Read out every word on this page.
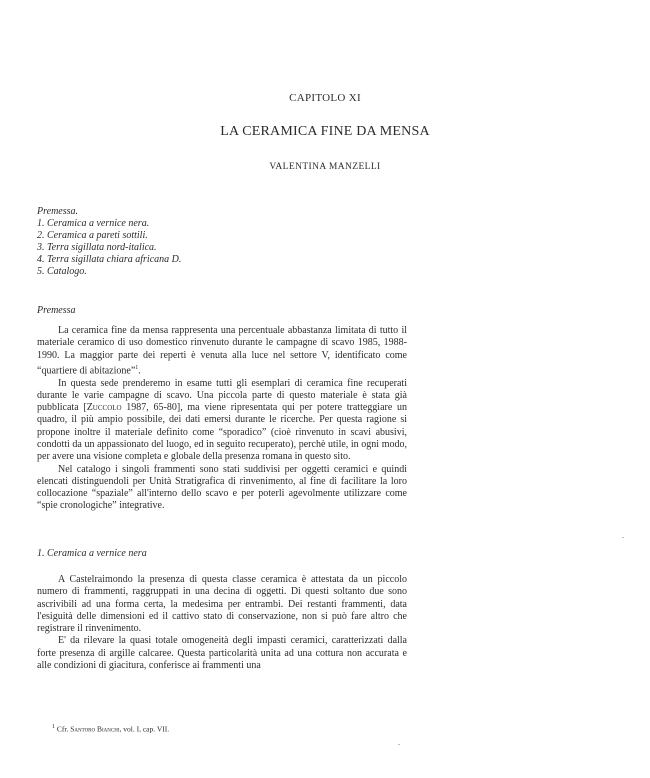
CAPITOLO XI
LA CERAMICA FINE DA MENSA
VALENTINA MANZELLI
Premessa.
1. Ceramica a vernice nera.
2. Ceramica a pareti sottili.
3. Terra sigillata nord-italica.
4. Terra sigillata chiara africana D.
5. Catalogo.
Premessa

La ceramica fine da mensa rappresenta una percentuale abbastanza limitata di tutto il materiale ceramico di uso domestico rinvenuto durante le campagne di scavo 1985, 1988-1990. La maggior parte dei reperti è venuta alla luce nel settore V, identificato come “quartiere di abitazione”$^1$.

In questa sede prenderemo in esame tutti gli esemplari di ceramica fine recuperati durante le varie campagne di scavo. Una piccola parte di questo materiale è stata già pubblicata [Zuccolo 1987, 65-80], ma viene ripresentata qui per potere tratteggiare un quadro, il più ampio possibile, dei dati emersi durante le ricerche. Per questa ragione si propone inoltre il materiale definito come “sporadico” (cioè rinvenuto in scavi abusivi, condotti da un appassionato del luogo, ed in seguito recuperato), perchè utile, in ogni modo, per avere una visione completa e globale della presenza romana in questo sito.

Nel catalogo i singoli frammenti sono stati suddivisi per oggetti ceramici e quindi elencati distinguendoli per Unità Stratigrafica di rinvenimento, al fine di facilitare la loro collocazione “spaziale” all'interno dello scavo e per poterli agevolmente utilizzare come “spie cronologiche” integrative.

1. Ceramica a vernice nera

A Castelraimondo la presenza di questa classe ceramica è attestata da un piccolo numero di frammenti, raggruppati in una decina di oggetti. Di questi soltanto due sono ascrivibili ad una forma certa, la medesima per entrambi. Dei restanti frammenti, data l'esiguità delle dimensioni ed il cattivo stato di conservazione, non si può fare altro che registrare il rinvenimento.

E' da rilevare la quasi totale omogeneità degli impasti ceramici, caratterizzati dalla forte presenza di argille calcaree. Questa particolarità unita ad una cottura non accurata e alle condizioni di giacitura, conferisce ai frammenti una

$^1$ Cfr. Santoro Bianchi, vol. I, cap. VII.
